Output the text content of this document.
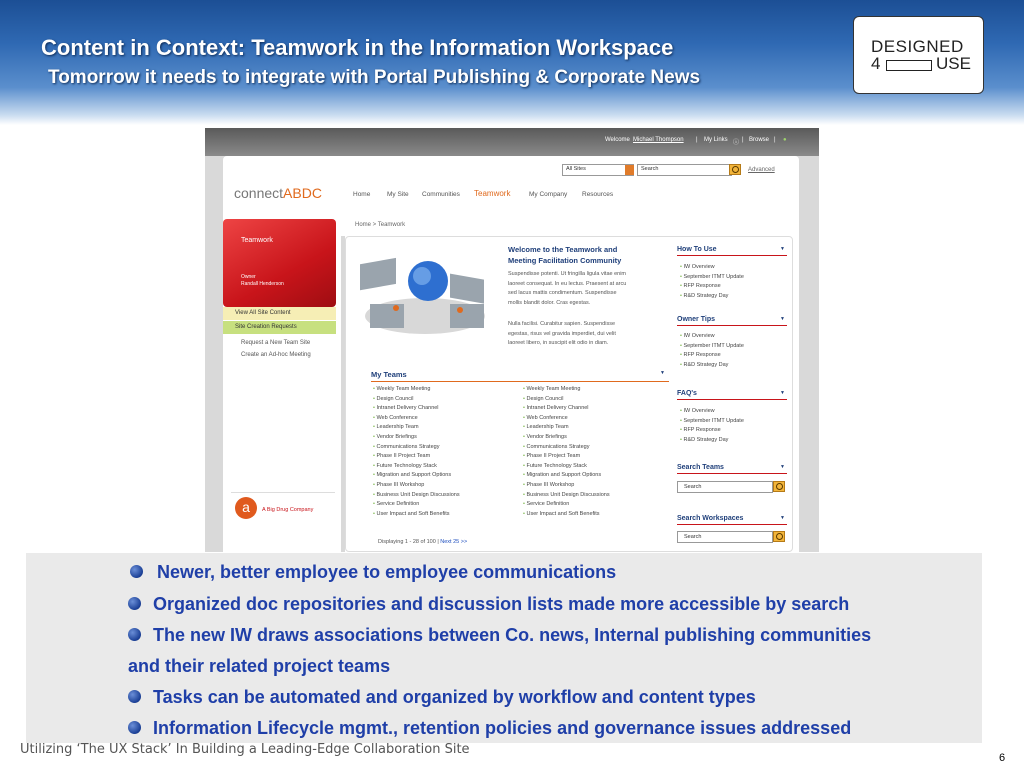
Content in Context: Teamwork in the Information Workspace
Tomorrow it needs to integrate with Portal Publishing & Corporate News
DESIGNED
4	USE
Welcome Michael Thompson | My Links ⓘ | Browse | ●
All Sites	Search	Advanced
connectABDC	Home	My Site Communities Teamwork	My Company Resources
Teamwork
Owner
Randall Henderson
View All Site Content
Site Creation Requests
Request a New Team Site
Create an Ad-hoc Meeting
a	A Big Drug Company
Home > Teamwork
Welcome to the Teamwork and
Meeting Facilitation Community
Suspendisse potenti. Ut fringilla ligula vitae enim
laoreet consequat. In eu lectus. Praesent at arcu
sed lacus mattis condimentum. Suspendisse
mollis blandit dolor. Cras egestas.
Nulla facilisi. Curabitur sapien. Suspendisse
egestas, risus vel gravida imperdiet, dui velit
laoreet libero, in suscipit elit odio in diam.
My Teams	▼
• Weekly Team Meeting
• Design Council
• Intranet Delivery Channel
• Web Conference
• Leadership Team
• Vendor Briefings
• Communications Strategy
• Phase II Project Team
• Future Technology Stack
• Migration and Support Options
• Phase III Workshop
• Business Unit Design Discussions
• Service Definition
• User Impact and Soft Benefits
• Weekly Team Meeting
• Design Council
• Intranet Delivery Channel
• Web Conference
• Leadership Team
• Vendor Briefings
• Communications Strategy
• Phase II Project Team
• Future Technology Stack
• Migration and Support Options
• Phase III Workshop
• Business Unit Design Discussions
• Service Definition
• User Impact and Soft Benefits
Displaying 1 - 28 of 100 | Next 25 >>
How To Use	▼
• IW Overview
• September ITMT Update
• RFP Response
• R&D Strategy Day
Owner Tips	▼
• IW Overview
• September ITMT Update
• RFP Response
• R&D Strategy Day
FAQ's	▼
• IW Overview
• September ITMT Update
• RFP Response
• R&D Strategy Day
Search Teams	▼
Search
Search Workspaces	▼
Search
Newer, better employee to employee communications
Organized doc repositories and discussion lists made more accessible by search
The new IW draws associations between Co. news, Internal publishing communities
and their related project teams
Tasks can be automated and organized by workflow and content types
Information Lifecycle mgmt., retention policies and governance issues addressed
Utilizing ‘The UX Stack’ In Building a Leading-Edge Collaboration Site
6
